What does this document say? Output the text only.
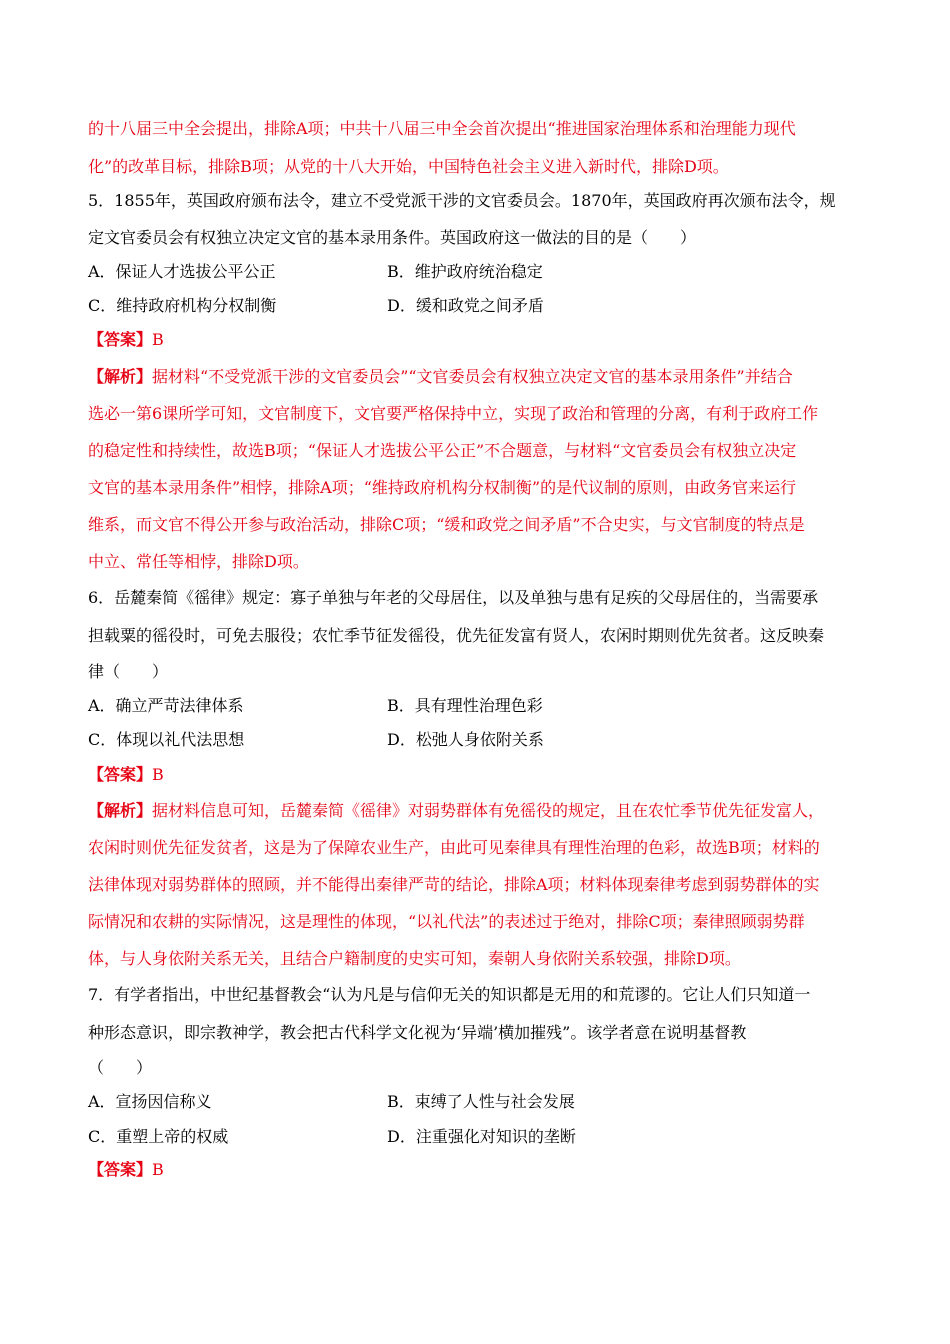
的十八届三中全会提出，排除A项；中共十八届三中全会首次提出“推进国家治理体系和治理能力现代
化”的改革目标，排除B项；从党的十八大开始，中国特色社会主义进入新时代，排除D项。
5．1855年，英国政府颁布法令，建立不受党派干涉的文官委员会。1870年，英国政府再次颁布法令，规
定文官委员会有权独立决定文官的基本录用条件。英国政府这一做法的目的是（　　）
A．保证人才选拔公平公正	B．维护政府统治稳定
C．维持政府机构分权制衡	D．缓和政党之间矛盾
【答案】B
【解析】据材料“不受党派干涉的文官委员会”“文官委员会有权独立决定文官的基本录用条件”并结合
选必一第6课所学可知，文官制度下，文官要严格保持中立，实现了政治和管理的分离，有利于政府工作
的稳定性和持续性，故选B项；“保证人才选拔公平公正”不合题意，与材料“文官委员会有权独立决定
文官的基本录用条件”相悖，排除A项；“维持政府机构分权制衡”的是代议制的原则，由政务官来运行
维系，而文官不得公开参与政治活动，排除C项；“缓和政党之间矛盾”不合史实，与文官制度的特点是
中立、常任等相悖，排除D项。
6．岳麓秦简《徭律》规定：寡子单独与年老的父母居住，以及单独与患有足疾的父母居住的，当需要承
担载粟的徭役时，可免去服役；农忙季节征发徭役，优先征发富有贤人，农闲时期则优先贫者。这反映秦
律（　　）
A．确立严苛法律体系	B．具有理性治理色彩
C．体现以礼代法思想	D．松弛人身依附关系
【答案】B
【解析】据材料信息可知，岳麓秦简《徭律》对弱势群体有免徭役的规定，且在农忙季节优先征发富人，
农闲时则优先征发贫者，这是为了保障农业生产，由此可见秦律具有理性治理的色彩，故选B项；材料的
法律体现对弱势群体的照顾，并不能得出秦律严苛的结论，排除A项；材料体现秦律考虑到弱势群体的实
际情况和农耕的实际情况，这是理性的体现，“以礼代法”的表述过于绝对，排除C项；秦律照顾弱势群
体，与人身依附关系无关，且结合户籍制度的史实可知，秦朝人身依附关系较强，排除D项。
7．有学者指出，中世纪基督教会“认为凡是与信仰无关的知识都是无用的和荒谬的。它让人们只知道一
种形态意识，即宗教神学，教会把古代科学文化视为‘异端’横加摧残”。该学者意在说明基督教
（　　）
A．宣扬因信称义	B．束缚了人性与社会发展
C．重塑上帝的权威	D．注重强化对知识的垄断
【答案】B
